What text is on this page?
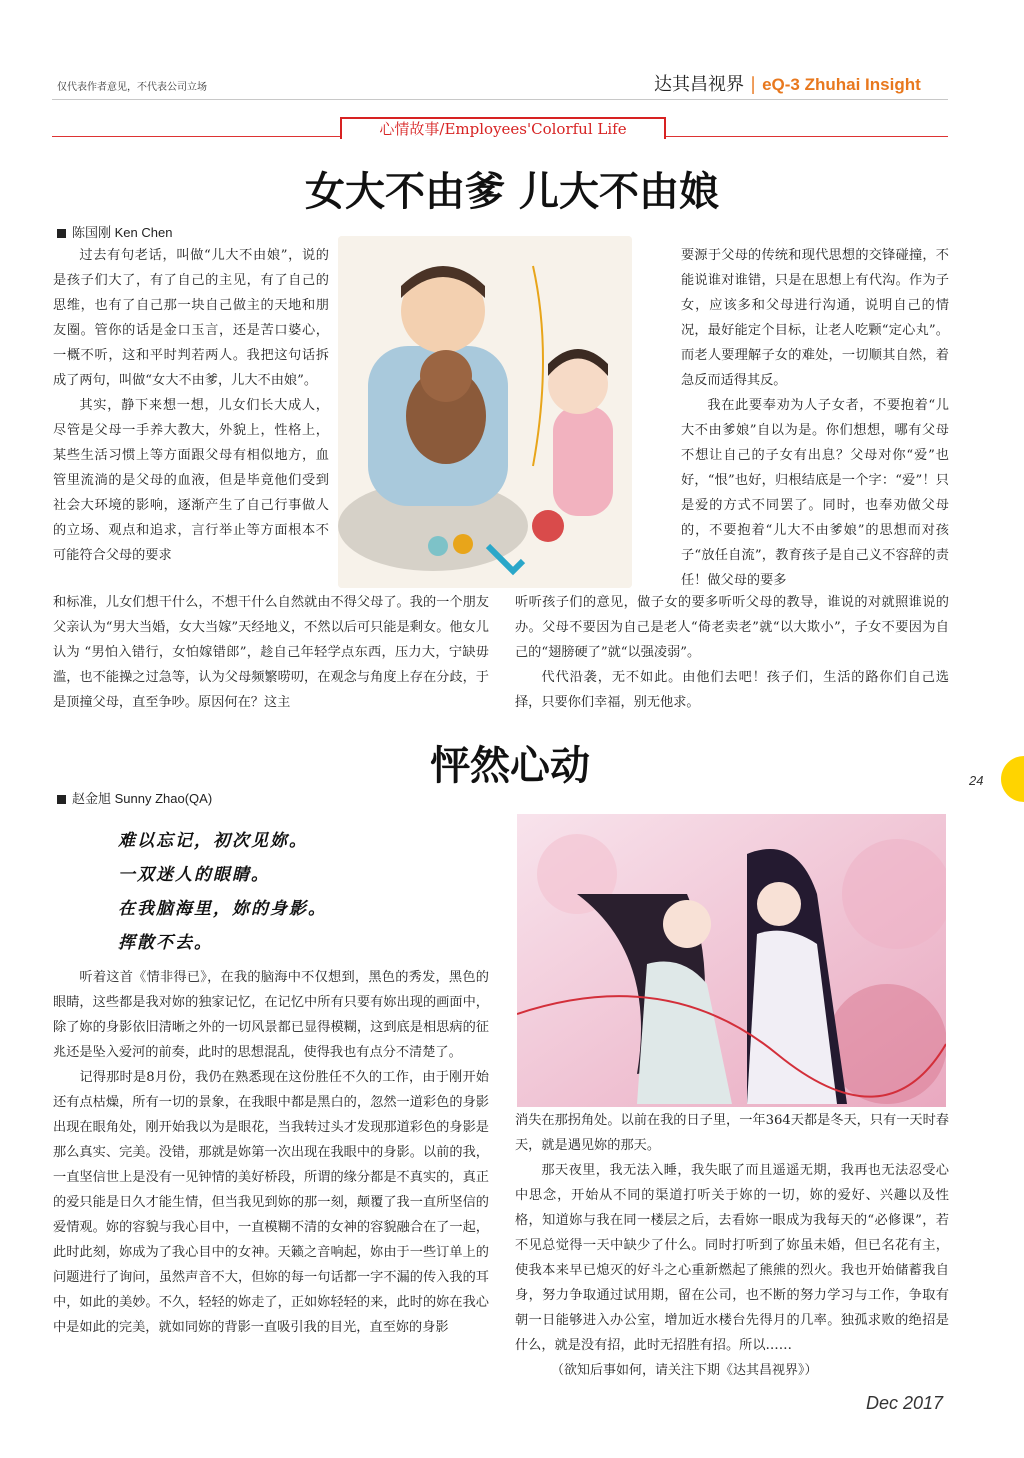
仅代表作者意见，不代表公司立场	达其昌视界 | eQ-3 Zhuhai Insight
心情故事/Employees'Colorful Life
女大不由爹 儿大不由娘
陈国刚 Ken Chen

过去有句老话，叫做“儿大不由娘”，说的是孩子们大了，有了自己的主见，有了自己的思维，也有了自己那一块自己做主的天地和朋友圈。管你的话是金口玉言，还是苦口婆心，一概不听，这和平时判若两人。我把这句话拆成了两句，叫做“女大不由爹，儿大不由娘”。

其实，静下来想一想，儿女们长大成人，尽管是父母一手养大教大，外貌上，性格上，某些生活习惯上等方面跟父母有相似地方，血管里流淌的是父母的血液，但是毕竟他们受到社会大环境的影响，逐渐产生了自己行事做人的立场、观点和追求，言行举止等方面根本不可能符合父母的要求

要源于父母的传统和现代思想的交锋碰撞，不能说谁对谁错，只是在思想上有代沟。作为子女，应该多和父母进行沟通，说明自己的情况，最好能定个目标，让老人吃颗“定心丸”。而老人要理解子女的难处，一切顺其自然，着急反而适得其反。

我在此要奉劝为人子女者，不要抱着“儿大不由爹娘”自以为是。你们想想，哪有父母不想让自己的子女有出息？父母对你“爱”也好，“恨”也好，归根结底是一个字：“爱”！只是爱的方式不同罢了。同时，也奉劝做父母的，不要抱着“儿大不由爹娘”的思想而对孩子“放任自流”，教育孩子是自己义不容辞的责任！做父母的要多

和标准，儿女们想干什么，不想干什么自然就由不得父母了。我的一个朋友父亲认为“男大当婚，女大当嫁”天经地义，不然以后可只能是剩女。他女儿认为 “男怕入错行，女怕嫁错郎”，趁自己年轻学点东西，压力大，宁缺毋滥，也不能操之过急等，认为父母频繁唠叨，在观念与角度上存在分歧，于是顶撞父母，直至争吵。原因何在？这主

听听孩子们的意见，做子女的要多听听父母的教导，谁说的对就照谁说的办。父母不要因为自己是老人“倚老卖老”就“以大欺小”，子女不要因为自己的“翅膀硬了”就“以强凌弱”。

代代沿袭，无不如此。由他们去吧！孩子们，生活的路你们自己选择，只要你们幸福，别无他求。

怦然心动
赵金旭 Sunny Zhao(QA)
难以忘记，初次见妳。
一双迷人的眼睛。
在我脑海里，妳的身影。
挥散不去。

听着这首《情非得已》，在我的脑海中不仅想到，黑色的秀发，黑色的眼睛，这些都是我对妳的独家记忆，在记忆中所有只要有妳出现的画面中，除了妳的身影依旧清晰之外的一切风景都已显得模糊，这到底是相思病的征兆还是坠入爱河的前奏，此时的思想混乱，使得我也有点分不清楚了。

记得那时是8月份，我仍在熟悉现在这份胜任不久的工作，由于刚开始还有点枯燥，所有一切的景象，在我眼中都是黑白的，忽然一道彩色的身影出现在眼角处，刚开始我以为是眼花，当我转过头才发现那道彩色的身影是那么真实、完美。没错，那就是妳第一次出现在我眼中的身影。以前的我，一直坚信世上是没有一见钟情的美好桥段，所谓的缘分都是不真实的，真正的爱只能是日久才能生情，但当我见到妳的那一刻，颠覆了我一直所坚信的爱情观。妳的容貌与我心目中，一直模糊不清的女神的容貌融合在了一起，此时此刻，妳成为了我心目中的女神。天籁之音响起，妳由于一些订单上的问题进行了询问，虽然声音不大，但妳的每一句话都一字不漏的传入我的耳中，如此的美妙。不久，轻轻的妳走了，正如妳轻轻的来，此时的妳在我心中是如此的完美，就如同妳的背影一直吸引我的目光，直至妳的身影

消失在那拐角处。以前在我的日子里，一年364天都是冬天，只有一天时春天，就是遇见妳的那天。

那天夜里，我无法入睡，我失眠了而且遥遥无期，我再也无法忍受心中思念，开始从不同的渠道打听关于妳的一切，妳的爱好、兴趣以及性格，知道妳与我在同一楼层之后，去看妳一眼成为我每天的“必修课”，若不见总觉得一天中缺少了什么。同时打听到了妳虽未婚，但已名花有主，使我本来早已熄灭的好斗之心重新燃起了熊熊的烈火。我也开始储蓄我自身，努力争取通过试用期，留在公司，也不断的努力学习与工作，争取有朝一日能够进入办公室，增加近水楼台先得月的几率。独孤求败的绝招是什么，就是没有招，此时无招胜有招。所以……

（欲知后事如何，请关注下期《达其昌视界》）
24
Dec 2017
